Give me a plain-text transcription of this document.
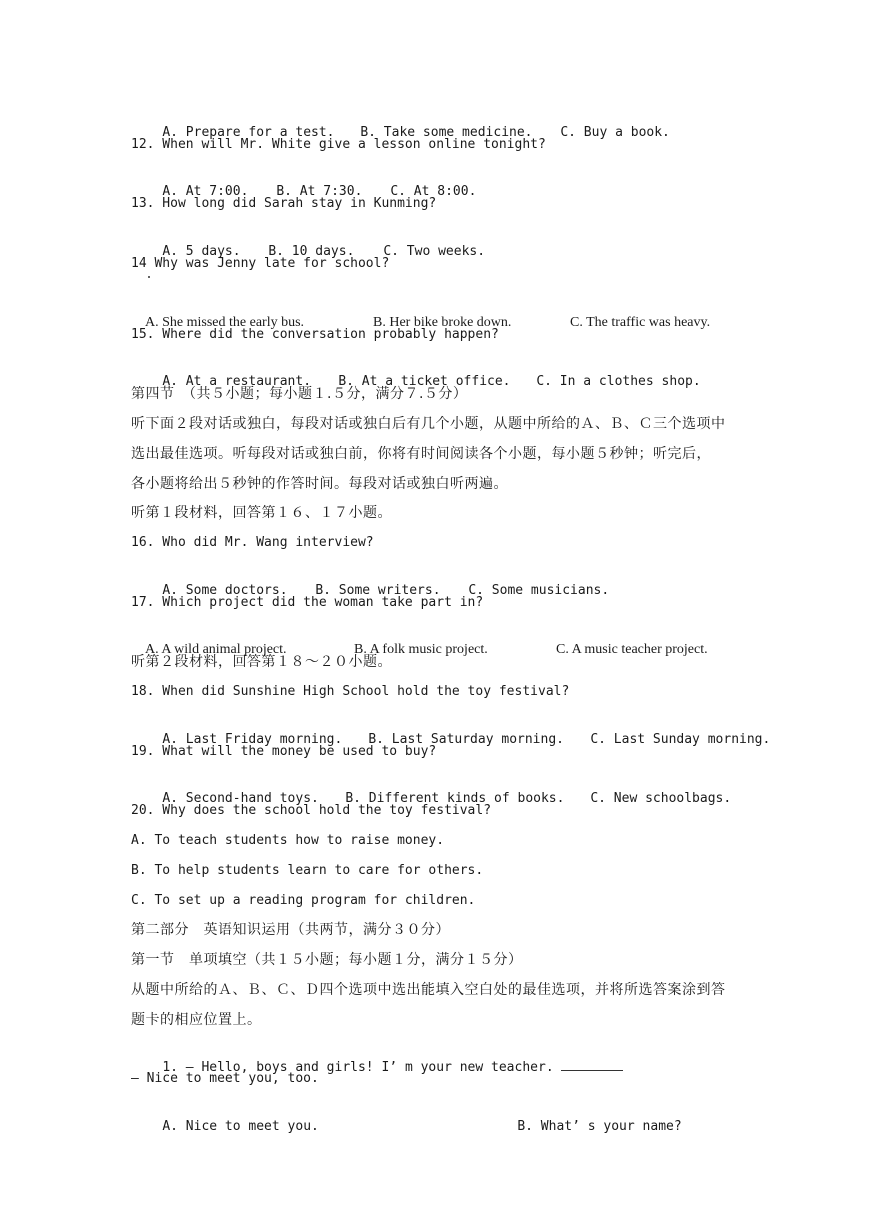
A. Prepare for a test. B. Take some medicine. C. Buy a book.

12. When will Mr. White give a lesson online tonight?

A. At 7:00. B. At 7:30. C. At 8:00.

13. How long did Sarah stay in Kunming?

A. 5 days. B. 10 days. C. Two weeks.

14 Why was Jenny late for school?

A. She missed the early bus.	B. Her bike broke down.	C. The traffic was heavy.

15. Where did the conversation probably happen?

A. At a restaurant. B. At a ticket office. C. In a clothes shop.

第四节　（共５小题；每小题１.５分，满分７.５分）
听下面２段对话或独白，每段对话或独白后有几个小题，从题中所给的Ａ、Ｂ、Ｃ三个选项中
选出最佳选项。听每段对话或独白前，你将有时间阅读各个小题，每小题５秒钟；听完后，
各小题将给出５秒钟的作答时间。每段对话或独白听两遍。
听第１段材料，回答第１６、１７小题。
16. Who did Mr. Wang interview?

A. Some doctors. B. Some writers. C. Some musicians.

17. Which project did the woman take part in?

A. A wild animal project.	B. A folk music project.	C. A music teacher project.

听第２段材料，回答第１８～２０小题。
18. When did Sunshine High School hold the toy festival?

A. Last Friday morning. B. Last Saturday morning. C. Last Sunday morning.

19. What will the money be used to buy?

A. Second-hand toys. B. Different kinds of books. C. New schoolbags.

20. Why does the school hold the toy festival?
A. To teach students how to raise money.
B. To help students learn to care for others.
C. To set up a reading program for children.
第二部分　英语知识运用（共两节，满分３０分）
第一节　单项填空（共１５小题；每小题１分，满分１５分）
从题中所给的Ａ、Ｂ、Ｃ、Ｄ四个选项中选出能填入空白处的最佳选项，并将所选答案涂到答
题卡的相应位置上。

1. — Hello, boys and girls! I’ m your new teacher.

— Nice to meet you, too.

A. Nice to meet you.	B. What’ s your name?
